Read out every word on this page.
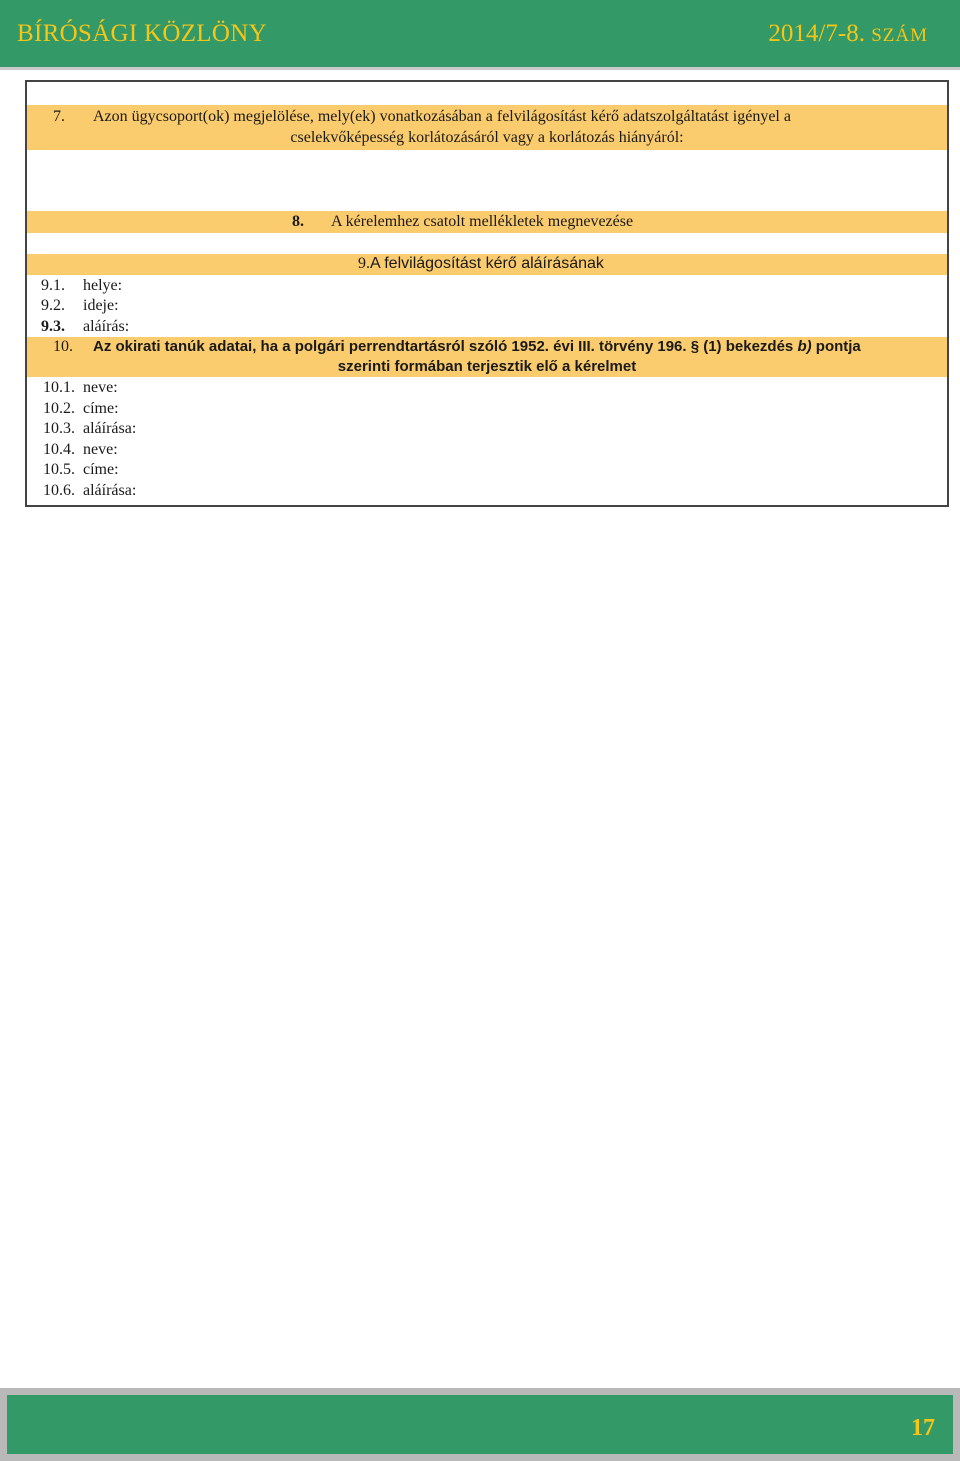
BÍRÓSÁGI KÖZLÖNY	2014/7-8. SZÁM
7. Azon ügycsoport(ok) megjelölése, mely(ek) vonatkozásában a felvilágosítást kérő adatszolgáltatást igényel a
cselekvőképesség korlátozásáról vagy a korlátozás hiányáról:
8. A kérelemhez csatolt mellékletek megnevezése
9.A felvilágosítást kérő aláírásának
9.1. helye:
9.2. ideje:
9.3. aláírás:
10. Az okirati tanúk adatai, ha a polgári perrendtartásról szóló 1952. évi III. törvény 196. § (1) bekezdés b) pontja
szerinti formában terjesztik elő a kérelmet
10.1. neve:
10.2. címe:
10.3. aláírása:
10.4. neve:
10.5. címe:
10.6. aláírása:
17
